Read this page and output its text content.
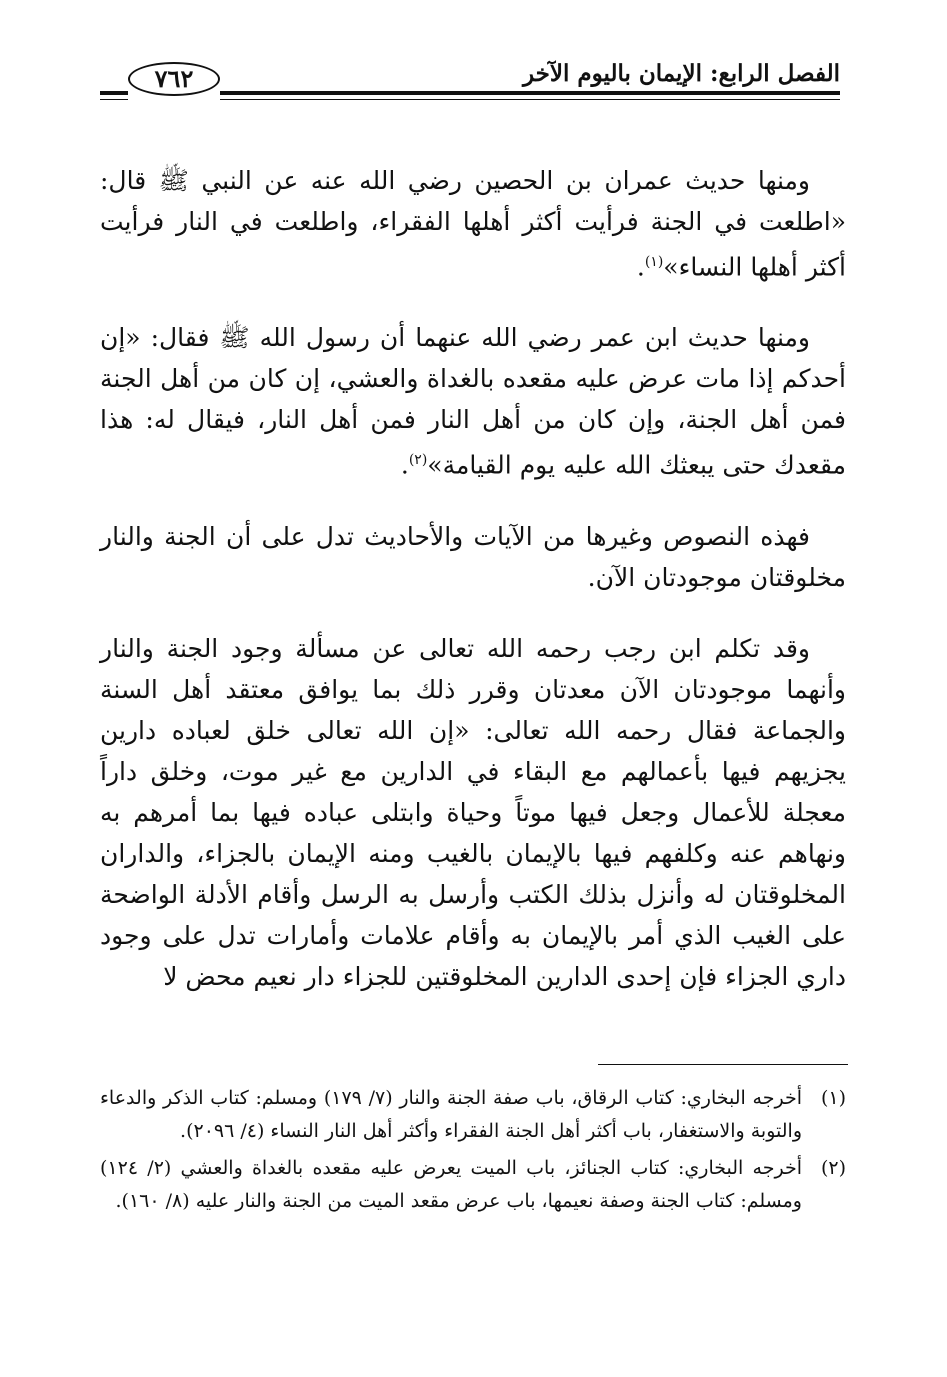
الفصل الرابع: الإيمان باليوم الآخر
٧٦٢

ومنها حديث عمران بن الحصين رضي الله عنه عن النبي ﷺ قال: «اطلعت في الجنة فرأيت أكثر أهلها الفقراء، واطلعت في النار فرأيت أكثر أهلها النساء»$^{(١)}$.

ومنها حديث ابن عمر رضي الله عنهما أن رسول الله ﷺ فقال: «إن أحدكم إذا مات عرض عليه مقعده بالغداة والعشي، إن كان من أهل الجنة فمن أهل الجنة، وإن كان من أهل النار فمن أهل النار، فيقال له: هذا مقعدك حتى يبعثك الله عليه يوم القيامة»$^{(٢)}$.

فهذه النصوص وغيرها من الآيات والأحاديث تدل على أن الجنة والنار مخلوقتان موجودتان الآن.

وقد تكلم ابن رجب رحمه الله تعالى عن مسألة وجود الجنة والنار وأنهما موجودتان الآن معدتان وقرر ذلك بما يوافق معتقد أهل السنة والجماعة فقال رحمه الله تعالى: «إن الله تعالى خلق لعباده دارين يجزيهم فيها بأعمالهم مع البقاء في الدارين مع غير موت، وخلق داراً معجلة للأعمال وجعل فيها موتاً وحياة وابتلى عباده فيها بما أمرهم به ونهاهم عنه وكلفهم فيها بالإيمان بالغيب ومنه الإيمان بالجزاء، والداران المخلوقتان له وأنزل بذلك الكتب وأرسل به الرسل وأقام الأدلة الواضحة على الغيب الذي أمر بالإيمان به وأقام علامات وأمارات تدل على وجود داري الجزاء فإن إحدى الدارين المخلوقتين للجزاء دار نعيم محض لا

(١)
أخرجه البخاري: كتاب الرقاق، باب صفة الجنة والنار (٧/ ١٧٩) ومسلم: كتاب الذكر والدعاء والتوبة والاستغفار، باب أكثر أهل الجنة الفقراء وأكثر أهل النار النساء (٤/ ٢٠٩٦).
(٢)
أخرجه البخاري: كتاب الجنائز، باب الميت يعرض عليه مقعده بالغداة والعشي (٢/ ١٢٤) ومسلم: كتاب الجنة وصفة نعيمها، باب عرض مقعد الميت من الجنة والنار عليه (٨/ ١٦٠).
